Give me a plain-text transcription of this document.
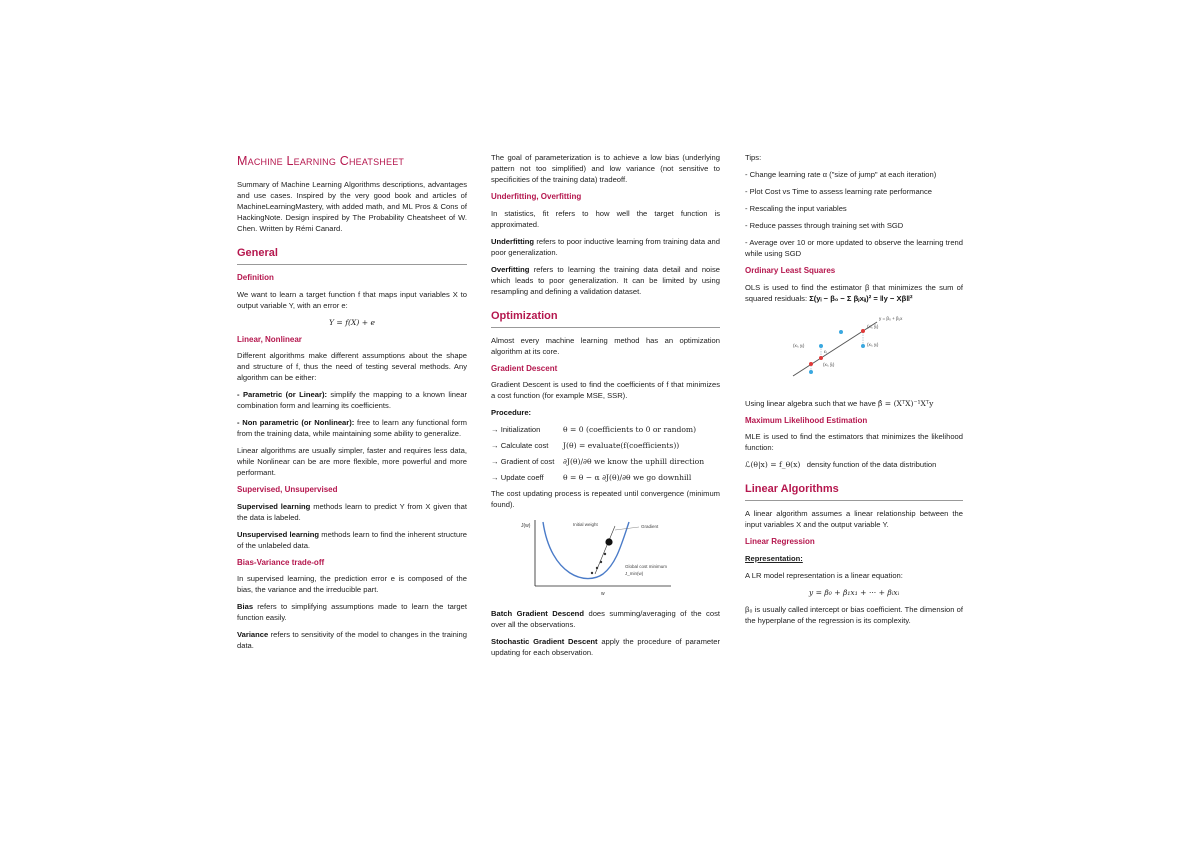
Machine Learning Cheatsheet

Summary of Machine Learning Algorithms descriptions, advantages and use cases. Inspired by the very good book and articles of MachineLearningMastery, with added math, and ML Pros & Cons of HackingNote. Design inspired by The Probability Cheatsheet of W. Chen. Written by Rémi Canard.

General
Definition

We want to learn a target function f that maps input variables X to output variable Y, with an error e:

Y = f(X) + e
Linear, Nonlinear

Different algorithms make different assumptions about the shape and structure of f, thus the need of testing several methods. Any algorithm can be either:

- Parametric (or Linear): simplify the mapping to a known linear combination form and learning its coefficients.

- Non parametric (or Nonlinear): free to learn any functional form from the training data, while maintaining some ability to generalize.

Linear algorithms are usually simpler, faster and requires less data, while Nonlinear can be are more flexible, more powerful and more performant.

Supervised, Unsupervised

Supervised learning methods learn to predict Y from X given that the data is labeled.

Unsupervised learning methods learn to find the inherent structure of the unlabeled data.

Bias-Variance trade-off

In supervised learning, the prediction error e is composed of the bias, the variance and the irreducible part.

Bias refers to simplifying assumptions made to learn the target function easily.

Variance refers to sensitivity of the model to changes in the training data.

The goal of parameterization is to achieve a low bias (underlying pattern not too simplified) and low variance (not sensitive to specificities of the training data) tradeoff.

Underfitting, Overfitting

In statistics, fit refers to how well the target function is approximated.

Underfitting refers to poor inductive learning from training data and poor generalization.

Overfitting refers to learning the training data detail and noise which leads to poor generalization. It can be limited by using resampling and defining a validation dataset.

Optimization

Almost every machine learning method has an optimization algorithm at its core.

Gradient Descent

Gradient Descent is used to find the coefficients of f that minimizes a cost function (for example MSE, SSR).

Procedure:

→ Initialization	θ = 0 (coefficients to 0 or random)
→ Calculate cost	J(θ) = evaluate(f(coefficients))
→ Gradient of cost ∂J(θ)/∂θ we know the uphill direction
→ Update coeff	θ = θ − α ∂J(θ)/∂θ we go downhill

The cost updating process is repeated until convergence (minimum found).

J(w)
w
Initial weight	Gradient
Global cost minimum
J_min(w)

Batch Gradient Descend does summing/averaging of the cost over all the observations.

Stochastic Gradient Descent apply the procedure of parameter updating for each observation.

Tips:

- Change learning rate α ("size of jump" at each iteration)

- Plot Cost vs Time to assess learning rate performance

- Rescaling the input variables

- Reduce passes through training set with SGD

- Average over 10 or more updated to observe the learning trend while using SGD

Ordinary Least Squares

OLS is used to find the estimator β that minimizes the sum of squared residuals: Σ(yᵢ − β₀ − Σ βⱼxᵢⱼ)² = ‖y − Xβ‖²

y = β₀ + β₁x
(xᵢ, yᵢ)
(xᵢ, ŷᵢ)
(xᵢ, ŷᵢ)
(xᵢ, yᵢ)
εᵢ

Using linear algebra such that we have β̂ = (XᵀX)⁻¹Xᵀy

Maximum Likelihood Estimation

MLE is used to find the estimators that minimizes the likelihood function:

ℒ(θ|x) = f_θ(x) density function of the data distribution

Linear Algorithms

A linear algorithm assumes a linear relationship between the input variables X and the output variable Y.

Linear Regression

Representation:

A LR model representation is a linear equation:

y = β₀ + β₁x₁ + ··· + βᵢxᵢ

β₀ is usually called intercept or bias coefficient. The dimension of the hyperplane of the regression is its complexity.
